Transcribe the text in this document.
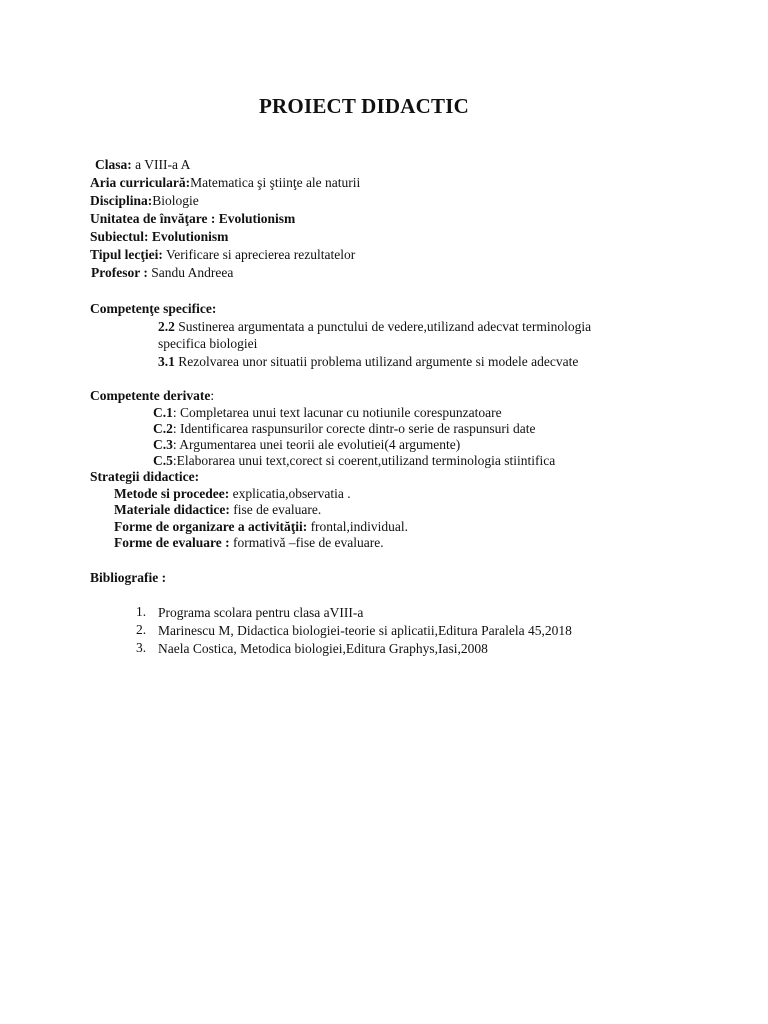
PROIECT DIDACTIC
Clasa: a VIII-a A
Aria curriculară:Matematica şi ştiinţe ale naturii
Disciplina:Biologie
Unitatea de învăţare : Evolutionism
Subiectul: Evolutionism
Tipul lecţiei: Verificare si aprecierea rezultatelor
Profesor : Sandu Andreea
Competenţe specifice:
2.2 Sustinerea argumentata a punctului de vedere,utilizand adecvat terminologia
specifica biologiei
3.1 Rezolvarea unor situatii problema utilizand argumente si modele adecvate
Competente derivate:
C.1: Completarea unui text lacunar cu notiunile corespunzatoare
C.2: Identificarea raspunsurilor corecte dintr-o serie de raspunsuri date
C.3: Argumentarea unei teorii ale evolutiei(4 argumente)
C.5:Elaborarea unui text,corect si coerent,utilizand terminologia stiintifica
Strategii didactice:
Metode si procedee: explicatia,observatia .
Materiale didactice: fise de evaluare.
Forme de organizare a activităţii: frontal,individual.
Forme de evaluare : formativă –fise de evaluare.
Bibliografie :
1. Programa scolara pentru clasa aVIII-a
2. Marinescu M, Didactica biologiei-teorie si aplicatii,Editura Paralela 45,2018
3. Naela Costica, Metodica biologiei,Editura Graphys,Iasi,2008
